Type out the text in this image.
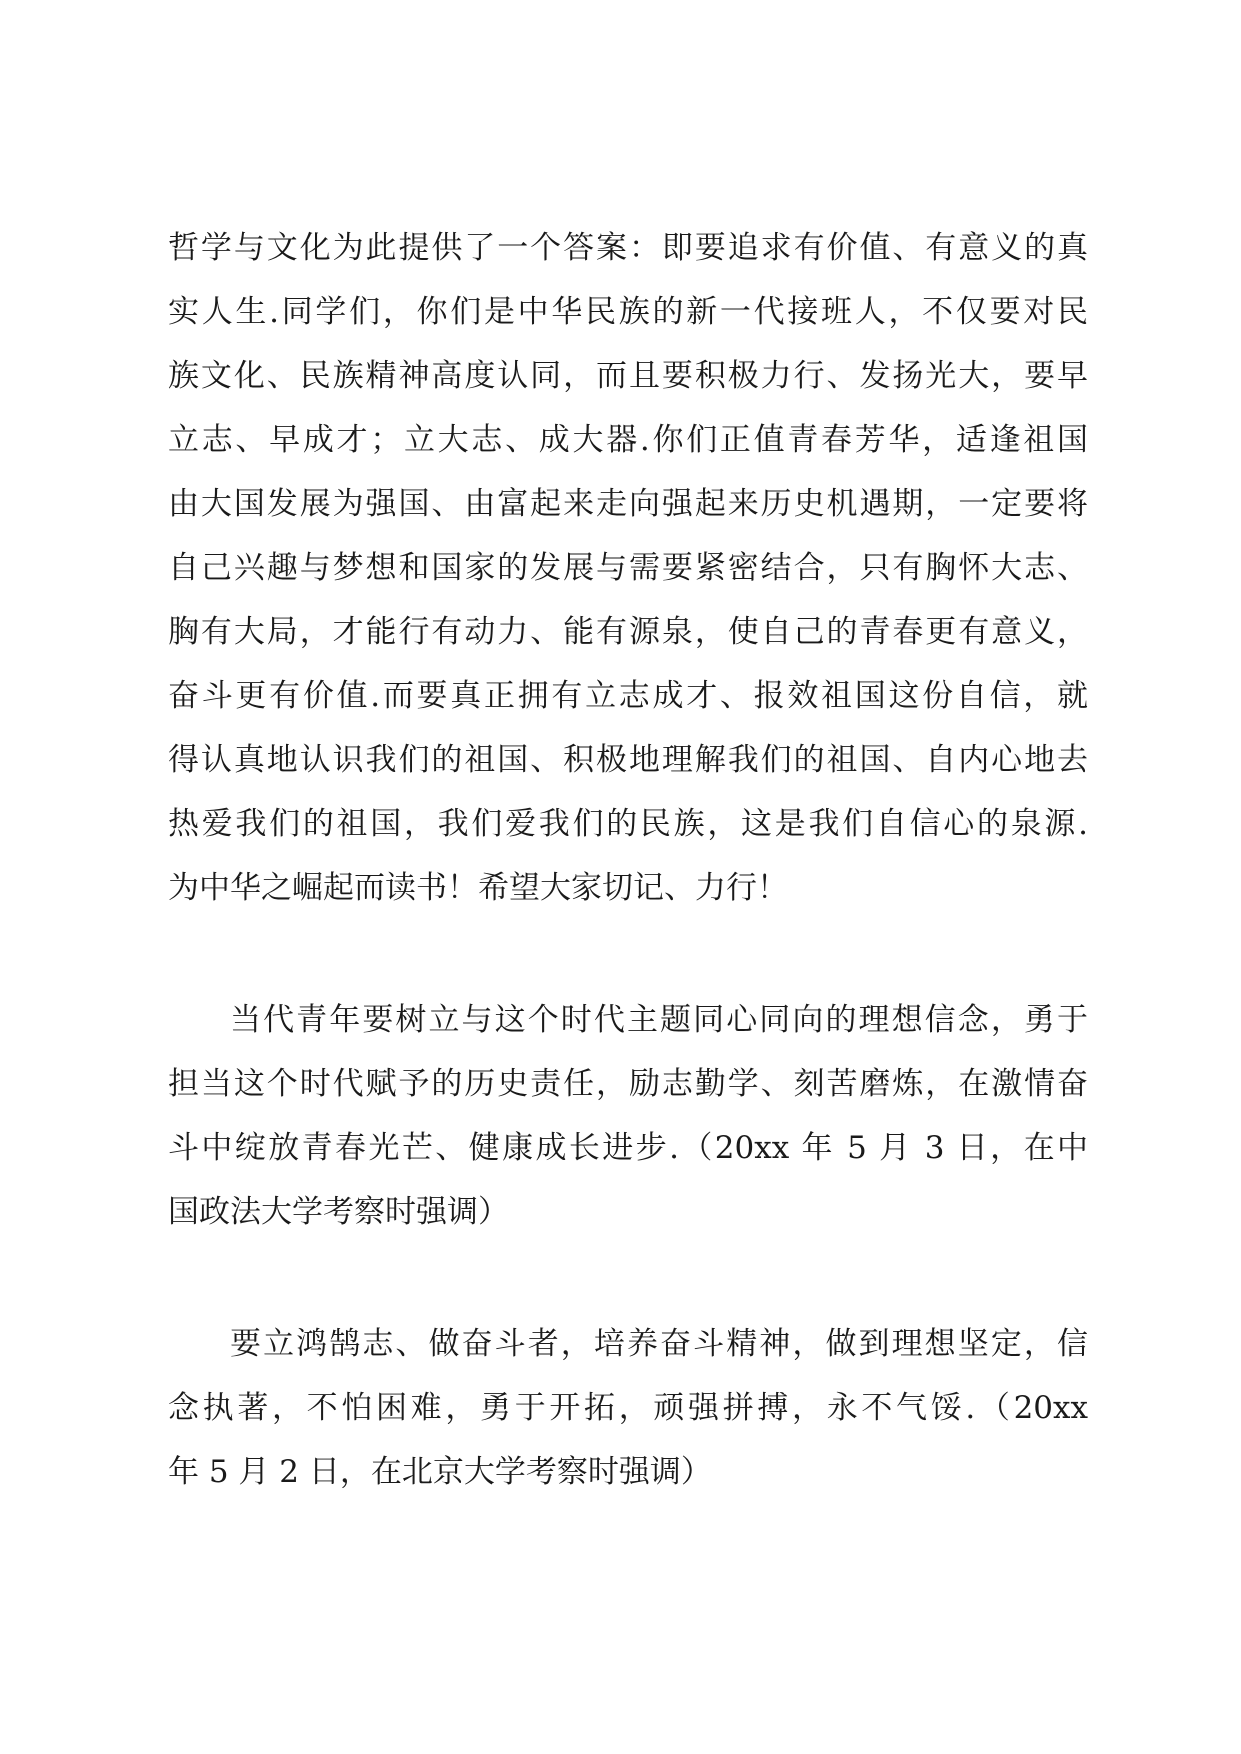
哲学与文化为此提供了一个答案：即要追求有价值、有意义的真
实人生.同学们，你们是中华民族的新一代接班人，不仅要对民
族文化、民族精神高度认同，而且要积极力行、发扬光大，要早
立志、早成才；立大志、成大器.你们正值青春芳华，适逢祖国
由大国发展为强国、由富起来走向强起来历史机遇期，一定要将
自己兴趣与梦想和国家的发展与需要紧密结合，只有胸怀大志、
胸有大局，才能行有动力、能有源泉，使自己的青春更有意义，
奋斗更有价值.而要真正拥有立志成才、报效祖国这份自信，就
得认真地认识我们的祖国、积极地理解我们的祖国、自内心地去
热爱我们的祖国，我们爱我们的民族，这是我们自信心的泉源.
为中华之崛起而读书！希望大家切记、力行！
当代青年要树立与这个时代主题同心同向的理想信念，勇于
担当这个时代赋予的历史责任，励志勤学、刻苦磨炼，在激情奋
斗中绽放青春光芒、健康成长进步.（20xx 年 5 月 3 日，在中
国政法大学考察时强调）
要立鸿鹄志、做奋斗者，培养奋斗精神，做到理想坚定，信
念执著，不怕困难，勇于开拓，顽强拼搏，永不气馁.（20xx
年 5 月 2 日，在北京大学考察时强调）
